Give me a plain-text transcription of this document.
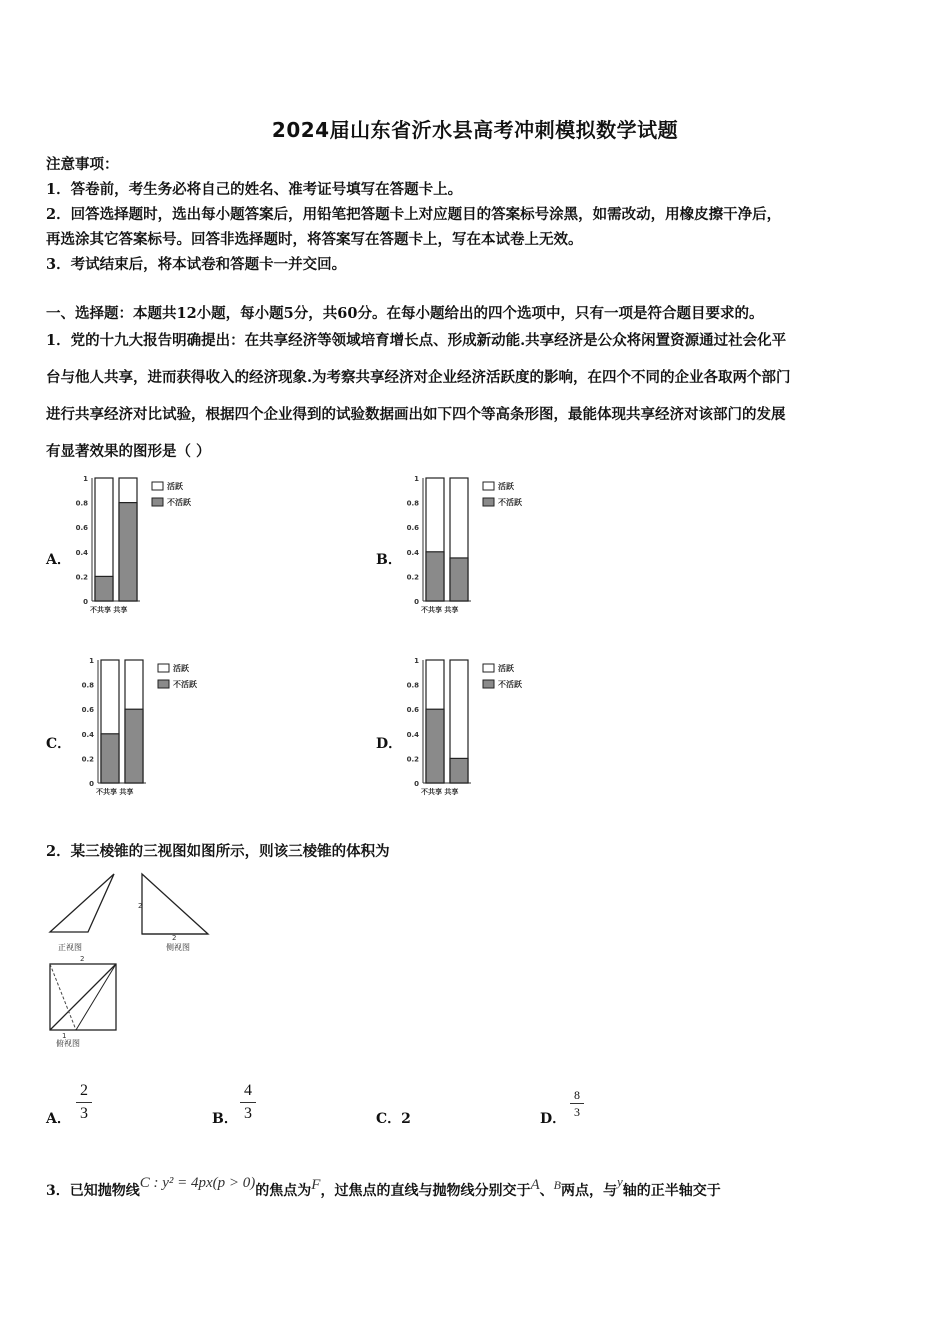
2024届山东省沂水县高考冲刺模拟数学试题
注意事项：
1．答卷前，考生务必将自己的姓名、准考证号填写在答题卡上。
2．回答选择题时，选出每小题答案后，用铅笔把答题卡上对应题目的答案标号涂黑，如需改动，用橡皮擦干净后，
再选涂其它答案标号。回答非选择题时，将答案写在答题卡上，写在本试卷上无效。
3．考试结束后，将本试卷和答题卡一并交回。
一、选择题：本题共12小题，每小题5分，共60分。在每小题给出的四个选项中，只有一项是符合题目要求的。
1．党的十九大报告明确提出：在共享经济等领域培育增长点、形成新动能.共享经济是公众将闲置资源通过社会化平
台与他人共享，进而获得收入的经济现象.为考察共享经济对企业经济活跃度的影响，在四个不同的企业各取两个部门
进行共享经济对比试验，根据四个企业得到的试验数据画出如下四个等高条形图，最能体现共享经济对该部门的发展
有显著效果的图形是（ ）
A．	B．
C．	D．
0
0.2
0.4
0.6
0.8
1
不共享 共享
活跃
不活跃
0
0.2
0.4
0.6
0.8
1
不共享 共享
活跃
不活跃
0
0.2
0.4
0.6
0.8
1
不共享 共享
活跃
不活跃
0
0.2
0.4
0.6
0.8
1
不共享 共享
活跃
不活跃
2．某三棱锥的三视图如图所示，则该三棱锥的体积为
正视图
2
2
侧视图
2
1
俯视图
A．
2
3	B．
4
3	C．2	D．
8
3
3．已知抛物线C : y² = 4px(p > 0)的焦点为F，过焦点的直线与抛物线分别交于A、B两点，与y轴的正半轴交于
